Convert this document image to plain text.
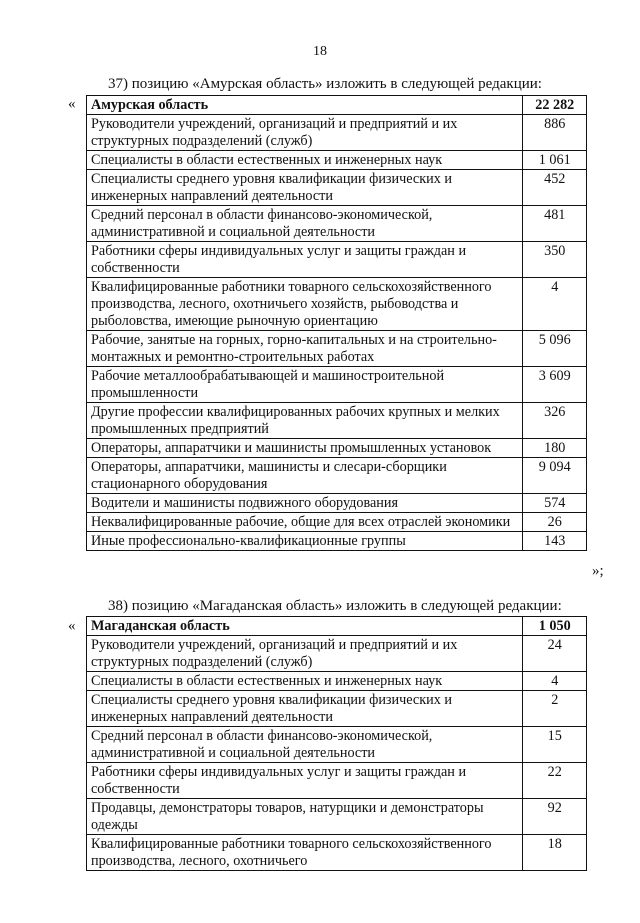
18
37) позицию «Амурская область» изложить в следующей редакции:
« Амурская область	22 282
Руководители учреждений, организаций и предприятий и их структурных подразделений (служб)	886
Специалисты в области естественных и инженерных наук	1 061
Специалисты среднего уровня квалификации физических и инженерных направлений деятельности	452
Средний персонал в области финансово-экономической, административной и социальной деятельности	481
Работники сферы индивидуальных услуг и защиты граждан и собственности	350
Квалифицированные работники товарного сельскохозяйственного производства, лесного, охотничьего хозяйств, рыбоводства и рыболовства, имеющие рыночную ориентацию	4
Рабочие, занятые на горных, горно-капитальных и на строительно-монтажных и ремонтно-строительных работах	5 096
Рабочие металлообрабатывающей и машиностроительной промышленности	3 609
Другие профессии квалифицированных рабочих крупных и мелких промышленных предприятий	326
Операторы, аппаратчики и машинисты промышленных установок	180
Операторы, аппаратчики, машинисты и слесари-сборщики стационарного оборудования	9 094
Водители и машинисты подвижного оборудования	574
Неквалифицированные рабочие, общие для всех отраслей экономики	26
Иные профессионально-квалификационные группы	143
»;
38) позицию «Магаданская область» изложить в следующей редакции:
« Магаданская область	1 050
Руководители учреждений, организаций и предприятий и их структурных подразделений (служб)	24
Специалисты в области естественных и инженерных наук	4
Специалисты среднего уровня квалификации физических и инженерных направлений деятельности	2
Средний персонал в области финансово-экономической, административной и социальной деятельности	15
Работники сферы индивидуальных услуг и защиты граждан и собственности	22
Продавцы, демонстраторы товаров, натурщики и демонстраторы одежды	92
Квалифицированные работники товарного сельскохозяйственного производства, лесного, охотничьего	18
